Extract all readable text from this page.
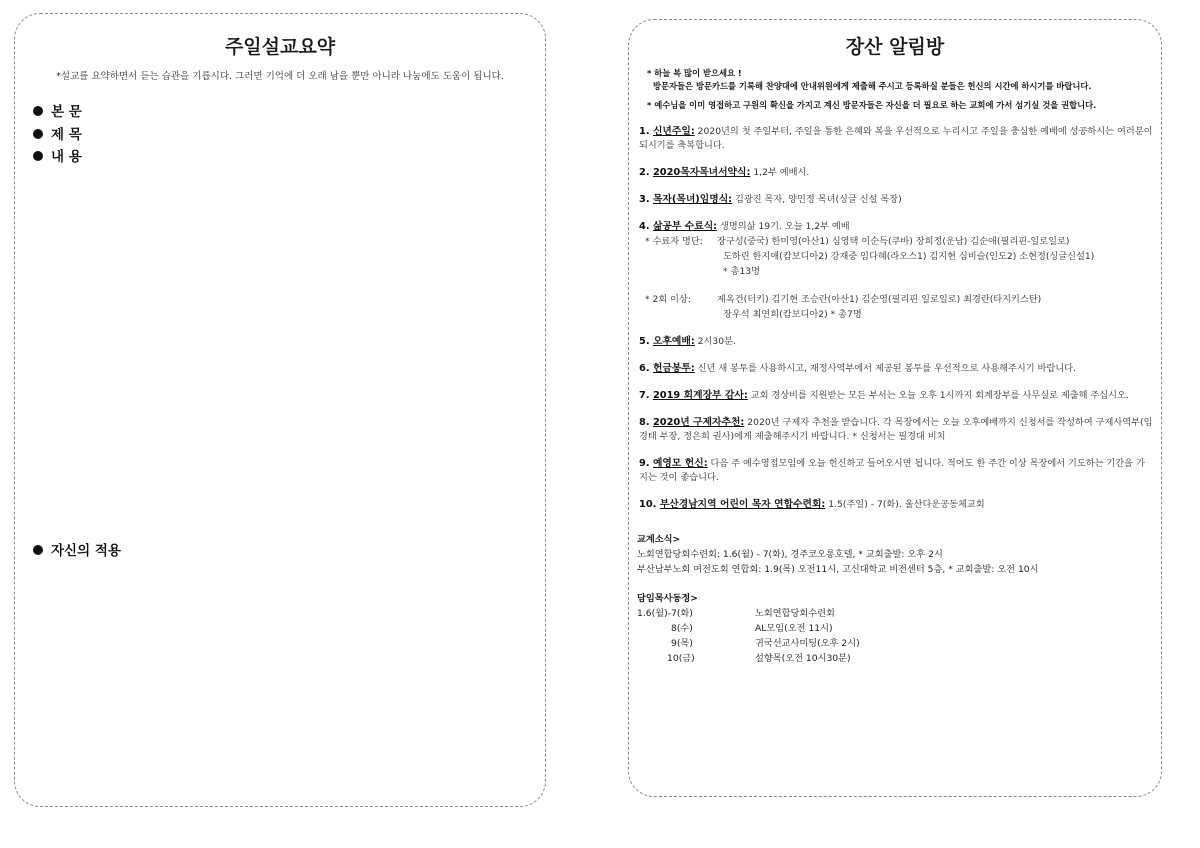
주일설교요약
*설교를 요약하면서 듣는 습관을 기릅시다. 그러면 기억에 더 오래 남을 뿐만 아니라 나눔에도 도움이 됩니다.
본 문
제 목
내 용
자신의 적용
장산 알림방
* 하늘 복 많이 받으세요 !
방문자들은 방문카드를 기록해 찬양대에 안내위원에게 제출해 주시고 등록하실 분들은 헌신의 시간에 하시기를 바랍니다.
* 예수님을 이미 영접하고 구원의 확신을 가지고 계신 방문자들은 자신을 더 필요로 하는 교회에 가서 섬기실 것을 권합니다.
1. 신년주일: 2020년의 첫 주일부터, 주일을 통한 은혜와 복을 우선적으로 누리시고 주일을 충심한 예배에 성공하시는 여러분이 되시기를 축복합니다.
2. 2020목자목녀서약식: 1,2부 예배시.
3. 목자(목녀)임명식: 김광진 목자, 양민정 목녀(싱글 신설 목장)
4. 삶공부 수료식: 생명의삶 19기. 오늘 1,2부 예배
* 수료자 명단: 장구성(중국) 한미영(아산1) 심영택 이순득(쿠바) 장희정(운남) 김순애(필리핀-일로일로)
도하린 한지애(캄보디아2) 강재중 임다혜(라오스1) 김지현 심비슬(인도2) 소현정(싱글신설1)
* 총13명
* 2회 이상:	제옥건(터키) 김기현 조승란(아산1) 김순영(필리핀 일로일로) 최경란(타지키스탄)
장우석 최연희(캄보디아2) * 총7명
5. 오후예배: 2시30분.
6. 헌금봉투: 신년 새 봉투를 사용하시고, 재정사역부에서 제공된 봉투를 우선적으로 사용해주시기 바랍니다.
7. 2019 회계장부 감사: 교회 경상비를 지원받는 모든 부서는 오늘 오후 1시까지 회계장부를 사무실로 제출해 주십시오.
8. 2020년 구제자추천: 2020년 구제자 추천을 받습니다. 각 목장에서는 오늘 오후예배까지 신청서를 작성하여 구제사역부(임경태 부장, 정은희 권사)에게 제출해주시기 바랍니다. * 신청서는 필경대 비치
9. 예영모 헌신: 다음 주 예수영접모임에 오늘 헌신하고 들어오시면 됩니다. 적어도 한 주간 이상 목장에서 기도하는 기간을 가지는 것이 좋습니다.
10. 부산경남지역 어린이 목자 연합수련회: 1.5(주일) - 7(화). 울산다운공동체교회
교계소식>
노회연합당회수련회: 1.6(월) - 7(화), 경주코오롱호텔, * 교회출발: 오후 2시
부산남부노회 여전도회 연합회: 1.9(목) 오전11시, 고신대학교 비전센터 5층, * 교회출발: 오전 10시
담임목사동정>
1.6(월)-7(화)	노회연합당회수련회
8(수)	AL모임(오전 11시)
9(목)	귀국선교사미팅(오후 2시)
10(금)	설향목(오전 10시30분)
